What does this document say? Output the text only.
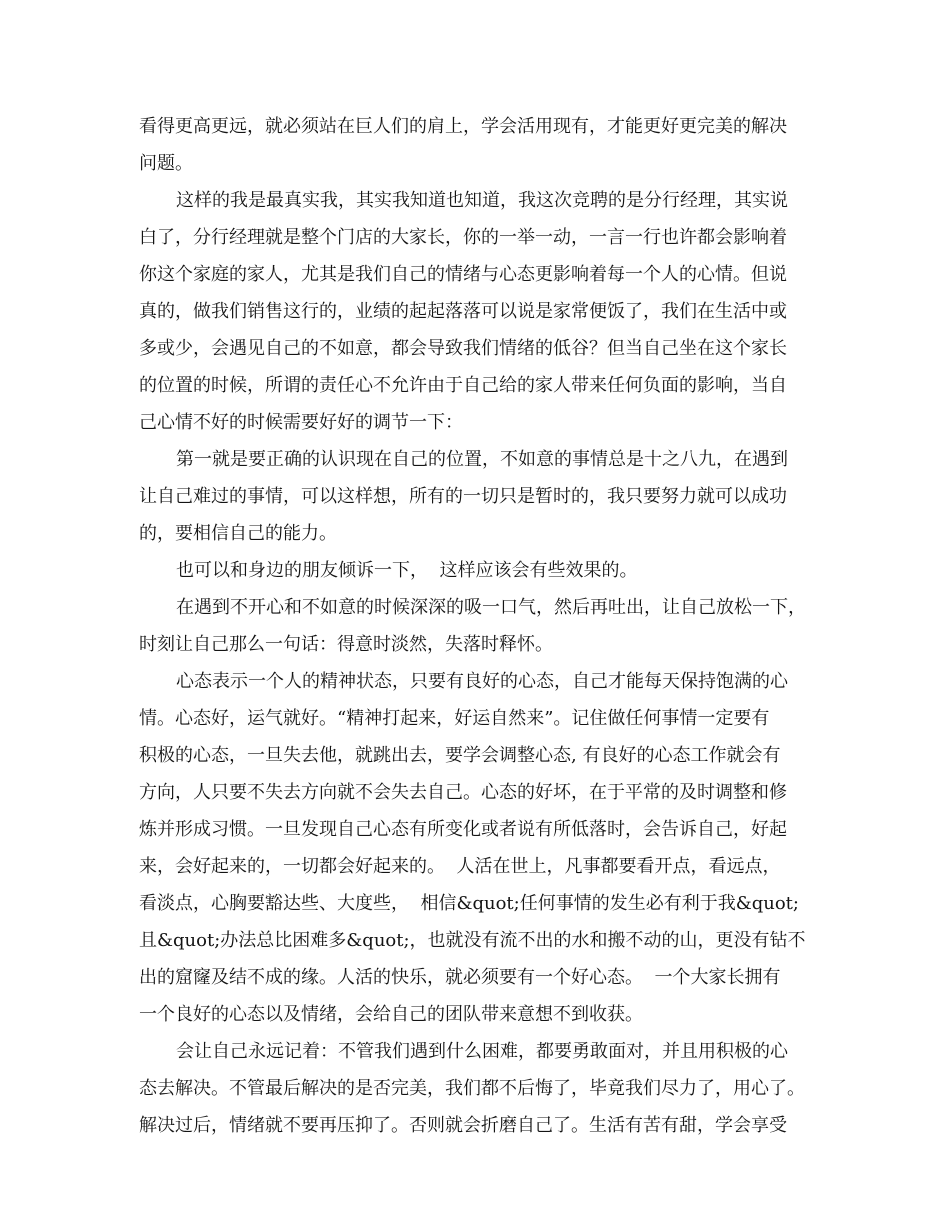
看得更高更远，就必须站在巨人们的肩上，学会活用现有，才能更好更完美的解决
问题。
这样的我是最真实我，其实我知道也知道，我这次竞聘的是分行经理，其实说
白了，分行经理就是整个门店的大家长，你的一举一动，一言一行也许都会影响着
你这个家庭的家人，尤其是我们自己的情绪与心态更影响着每一个人的心情。但说
真的，做我们销售这行的，业绩的起起落落可以说是家常便饭了，我们在生活中或
多或少，会遇见自己的不如意，都会导致我们情绪的低谷？但当自己坐在这个家长
的位置的时候，所谓的责任心不允许由于自己给的家人带来任何负面的影响，当自
己心情不好的时候需要好好的调节一下：
第一就是要正确的认识现在自己的位置，不如意的事情总是十之八九，在遇到
让自己难过的事情，可以这样想，所有的一切只是暂时的，我只要努力就可以成功
的，要相信自己的能力。
也可以和身边的朋友倾诉一下，  这样应该会有些效果的。
在遇到不开心和不如意的时候深深的吸一口气，然后再吐出，让自己放松一下，
时刻让自己那么一句话：得意时淡然，失落时释怀。
心态表示一个人的精神状态，只要有良好的心态，自己才能每天保持饱满的心
情。心态好，运气就好。“精神打起来，好运自然来”。记住做任何事情一定要有
积极的心态，一旦失去他，就跳出去，要学会调整心态, 有良好的心态工作就会有
方向，人只要不失去方向就不会失去自己。心态的好坏，在于平常的及时调整和修
炼并形成习惯。一旦发现自己心态有所变化或者说有所低落时，会告诉自己，好起
来，会好起来的，一切都会好起来的。  人活在世上，凡事都要看开点，看远点，
看淡点，心胸要豁达些、大度些，  相信&quot;任何事情的发生必有利于我&quot;
且&quot;办法总比困难多&quot;，也就没有流不出的水和搬不动的山，更没有钻不
出的窟窿及结不成的缘。人活的快乐，就必须要有一个好心态。  一个大家长拥有
一个良好的心态以及情绪，会给自己的团队带来意想不到收获。
会让自己永远记着：不管我们遇到什么困难，都要勇敢面对，并且用积极的心
态去解决。不管最后解决的是否完美，我们都不后悔了，毕竟我们尽力了，用心了。
解决过后，情绪就不要再压抑了。否则就会折磨自己了。生活有苦有甜，学会享受
